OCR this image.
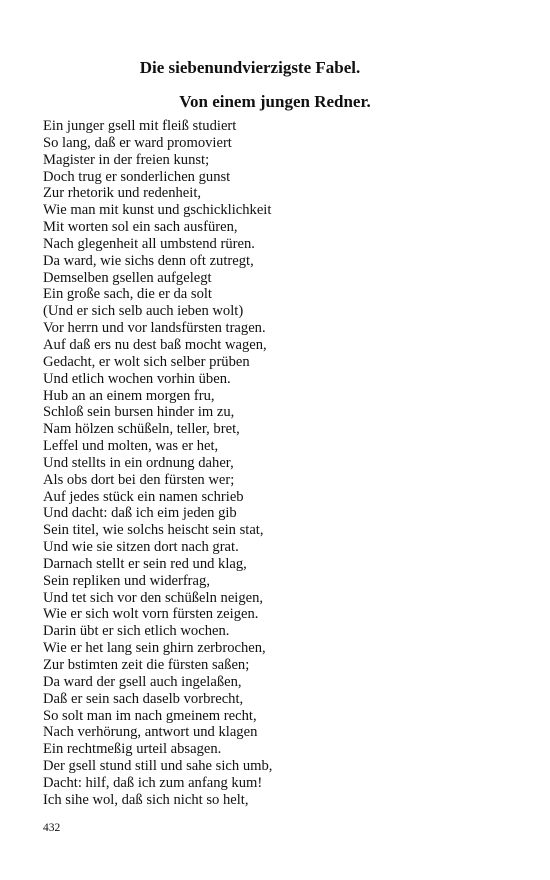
Die siebenundvierzigste Fabel.
Von einem jungen Redner.
Ein junger gsell mit fleiß studiert
So lang, daß er ward promoviert
Magister in der freien kunst;
Doch trug er sonderlichen gunst
Zur rhetorik und redenheit,
Wie man mit kunst und gschicklichkeit
Mit worten sol ein sach ausfüren,
Nach glegenheit all umbstend rüren.
Da ward, wie sichs denn oft zutregt,
Demselben gsellen aufgelegt
Ein große sach, die er da solt
(Und er sich selb auch ieben wolt)
Vor herrn und vor landsfürsten tragen.
Auf daß ers nu dest baß mocht wagen,
Gedacht, er wolt sich selber prüben
Und etlich wochen vorhin üben.
Hub an an einem morgen fru,
Schloß sein bursen hinder im zu,
Nam hölzen schüßeln, teller, bret,
Leffel und molten, was er het,
Und stellts in ein ordnung daher,
Als obs dort bei den fürsten wer;
Auf jedes stück ein namen schrieb
Und dacht: daß ich eim jeden gib
Sein titel, wie solchs heischt sein stat,
Und wie sie sitzen dort nach grat.
Darnach stellt er sein red und klag,
Sein repliken und widerfrag,
Und tet sich vor den schüßeln neigen,
Wie er sich wolt vorn fürsten zeigen.
Darin übt er sich etlich wochen.
Wie er het lang sein ghirn zerbrochen,
Zur bstimten zeit die fürsten saßen;
Da ward der gsell auch ingelaßen,
Daß er sein sach daselb vorbrecht,
So solt man im nach gmeinem recht,
Nach verhörung, antwort und klagen
Ein rechtmeßig urteil absagen.
Der gsell stund still und sahe sich umb,
Dacht: hilf, daß ich zum anfang kum!
Ich sihe wol, daß sich nicht so helt,
432
